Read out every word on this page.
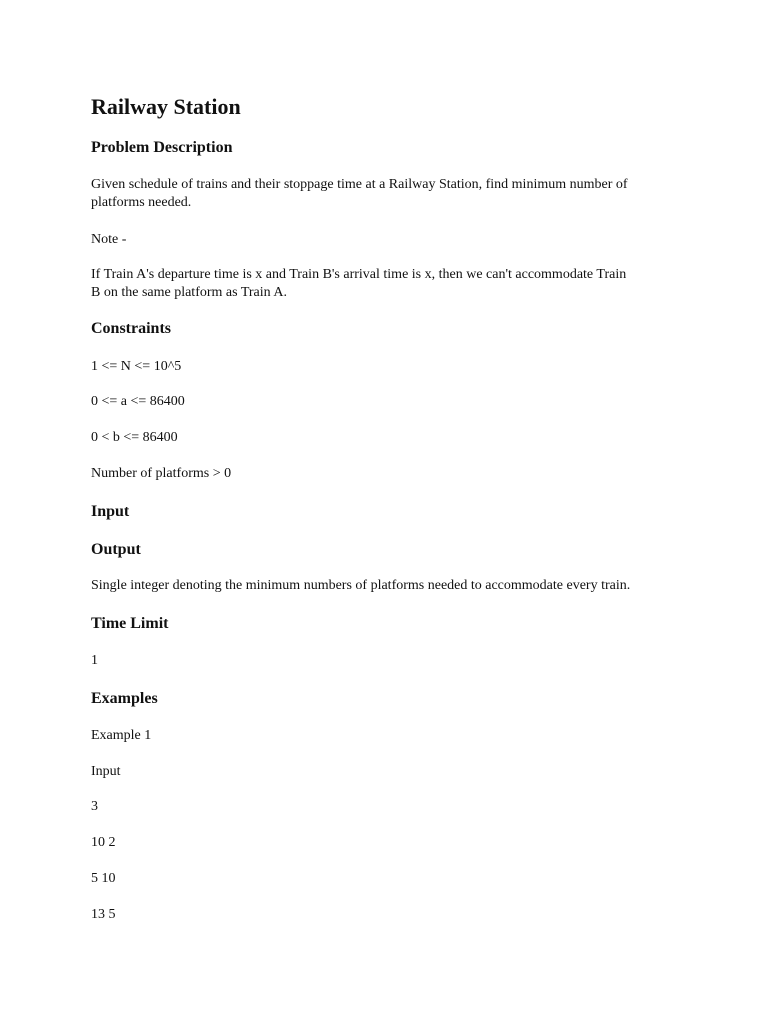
Railway Station
Problem Description

Given schedule of trains and their stoppage time at a Railway Station, find minimum number of platforms needed.

Note -

If Train A's departure time is x and Train B's arrival time is x, then we can't accommodate Train

B on the same platform as Train A.

Constraints

1 <= N <= 10^5

0 <= a <= 86400

0 < b <= 86400

Number of platforms > 0

Input
Output

Single integer denoting the minimum numbers of platforms needed to accommodate every train.

Time Limit

1

Examples

Example 1

Input

3

10 2

5 10

13 5
